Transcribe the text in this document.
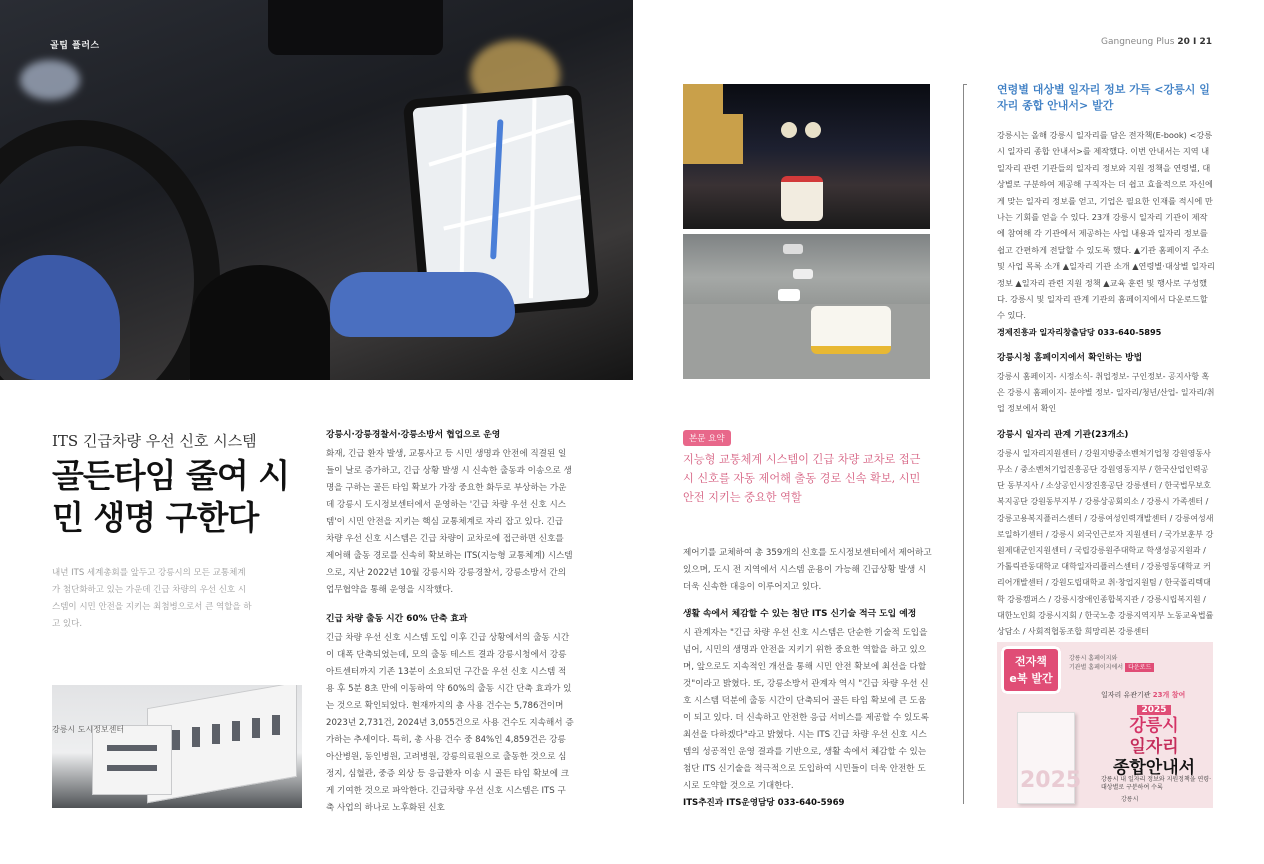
골팁 플러스	Gangneung Plus 20 I 21
ITS 긴급차량 우선 신호 시스템
골든타임 줄여 시민 생명 구한다
내년 ITS 세계총회를 앞두고 강릉시의 모든 교통체계가 첨단화하고 있는 가운데 긴급 차량의 우선 신호 시스템이 시민 안전을 지키는 최첨병으로서 큰 역할을 하고 있다.
강릉시 도시정보센터
강릉시·강릉경찰서·강릉소방서 협업으로 운영

화재, 긴급 환자 발생, 교통사고 등 시민 생명과 안전에 직결된 일들이 날로 증가하고, 긴급 상황 발생 시 신속한 출동과 이송으로 생명을 구하는 골든 타임 확보가 가장 중요한 화두로 부상하는 가운데 강릉시 도시정보센터에서 운영하는 '긴급 차량 우선 신호 시스템'이 시민 안전을 지키는 핵심 교통체계로 자리 잡고 있다. 긴급 차량 우선 신호 시스템은 긴급 차량이 교차로에 접근하면 신호를 제어해 출동 경로를 신속히 확보하는 ITS(지능형 교통체계) 시스템으로, 지난 2022년 10월 강릉시와 강릉경찰서, 강릉소방서 간의 업무협약을 통해 운영을 시작했다.

긴급 차량 출동 시간 60% 단축 효과

긴급 차량 우선 신호 시스템 도입 이후 긴급 상황에서의 출동 시간이 대폭 단축되었는데, 모의 출동 테스트 결과 강릉시청에서 강릉아트센터까지 기존 13분이 소요되던 구간을 우선 신호 시스템 적용 후 5분 8초 만에 이동하여 약 60%의 출동 시간 단축 효과가 있는 것으로 확인되었다. 현재까지의 총 사용 건수는 5,786건이며 2023년 2,731건, 2024년 3,055건으로 사용 건수도 지속해서 증가하는 추세이다. 특히, 총 사용 건수 중 84%인 4,859건은 강릉아산병원, 동인병원, 고려병원, 강릉의료원으로 출동한 것으로 심정지, 심혈관, 중증 외상 등 응급환자 이송 시 골든 타임 확보에 크게 기여한 것으로 파악한다. 긴급차량 우선 신호 시스템은 ITS 구축 사업의 하나로 노후화된 신호

본문 요약
지능형 교통체계 시스템이 긴급 차량 교차로 접근 시 신호를 자동 제어해 출동 경로 신속 확보, 시민 안전 지키는 중요한 역할

제어기를 교체하여 총 359개의 신호를 도시정보센터에서 제어하고 있으며, 도시 전 지역에서 시스템 운용이 가능해 긴급상황 발생 시 더욱 신속한 대응이 이루어지고 있다.

생활 속에서 체감할 수 있는 첨단 ITS 신기술 적극 도입 예정

시 관계자는 "긴급 차량 우선 신호 시스템은 단순한 기술적 도입을 넘어, 시민의 생명과 안전을 지키기 위한 중요한 역할을 하고 있으며, 앞으로도 지속적인 개선을 통해 시민 안전 확보에 최선을 다할 것"이라고 밝혔다. 또, 강릉소방서 관계자 역시 "긴급 차량 우선 신호 시스템 덕분에 출동 시간이 단축되어 골든 타임 확보에 큰 도움이 되고 있다. 더 신속하고 안전한 응급 서비스를 제공할 수 있도록 최선을 다하겠다"라고 밝혔다. 시는 ITS 긴급 차량 우선 신호 시스템의 성공적인 운영 결과를 기반으로, 생활 속에서 체감할 수 있는 첨단 ITS 신기술을 적극적으로 도입하여 시민들이 더욱 안전한 도시로 도약할 것으로 기대한다.

ITS추진과 ITS운영담당 033-640-5969

연령별 대상별 일자리 정보 가득 <강릉시 일자리 종합 안내서> 발간

강릉시는 올해 강릉시 일자리를 담은 전자책(E-book) <강릉시 일자리 종합 안내서>를 제작했다. 이번 안내서는 지역 내 일자리 관련 기관들의 일자리 정보와 지원 정책을 연령별, 대상별로 구분하여 제공해 구직자는 더 쉽고 효율적으로 자신에게 맞는 일자리 정보를 얻고, 기업은 필요한 인재를 적시에 만나는 기회를 얻을 수 있다. 23개 강릉시 일자리 기관이 제작에 참여해 각 기관에서 제공하는 사업 내용과 일자리 정보를 쉽고 간편하게 전달할 수 있도록 했다. ▲기관 홈페이지 주소 및 사업 목록 소개 ▲일자리 기관 소개 ▲연령별·대상별 일자리 정보 ▲일자리 관련 지원 정책 ▲교육 훈련 및 행사로 구성했다. 강릉시 및 일자리 관계 기관의 홈페이지에서 다운로드할 수 있다.

경제진흥과 일자리창출담당 033-640-5895

강릉시청 홈페이지에서 확인하는 방법

강릉시 홈페이지- 시정소식- 취업정보- 구인정보- 공지사항 혹은 강릉시 홈페이지- 분야별 정보- 일자리/청년/산업- 일자리/취업 정보에서 확인

강릉시 일자리 관계 기관(23개소)

강릉시 일자리지원센터 / 강원지방중소벤처기업청 강원영동사무소 / 중소벤처기업진흥공단 강원영동지부 / 한국산업인력공단 동부지사 / 소상공인시장진흥공단 강릉센터 / 한국법무보호복지공단 강원동부지부 / 강릉상공회의소 / 강릉시 가족센터 / 강릉고용복지플러스센터 / 강릉여성인력개발센터 / 강릉여성새로일하기센터 / 강릉시 외국인근로자 지원센터 / 국가보훈부 강원제대군인지원센터 / 국립강릉원주대학교 학생성공지원과 / 가톨릭관동대학교 대학일자리플러스센터 / 강릉영동대학교 커리어개발센터 / 강원도립대학교 취·창업지원팀 / 한국폴리텍대학 강릉캠퍼스 / 강릉시장애인종합복지관 / 강릉시립복지원 / 대한노인회 강릉시지회 / 한국노총 강릉지역지부 노동교육법률상담소 / 사회적협동조합 희망리본 강릉센터

전자책
e북 발간
강릉시 홈페이지와
기관별 홈페이지에서 다운로드
2025
일자리 유관기관 23개 참여
2025
강릉시
일자리
종합안내서
강릉시 내 일자리 정보와 지원정책을 연령·대상별로 구분하여 수록
강릉시
